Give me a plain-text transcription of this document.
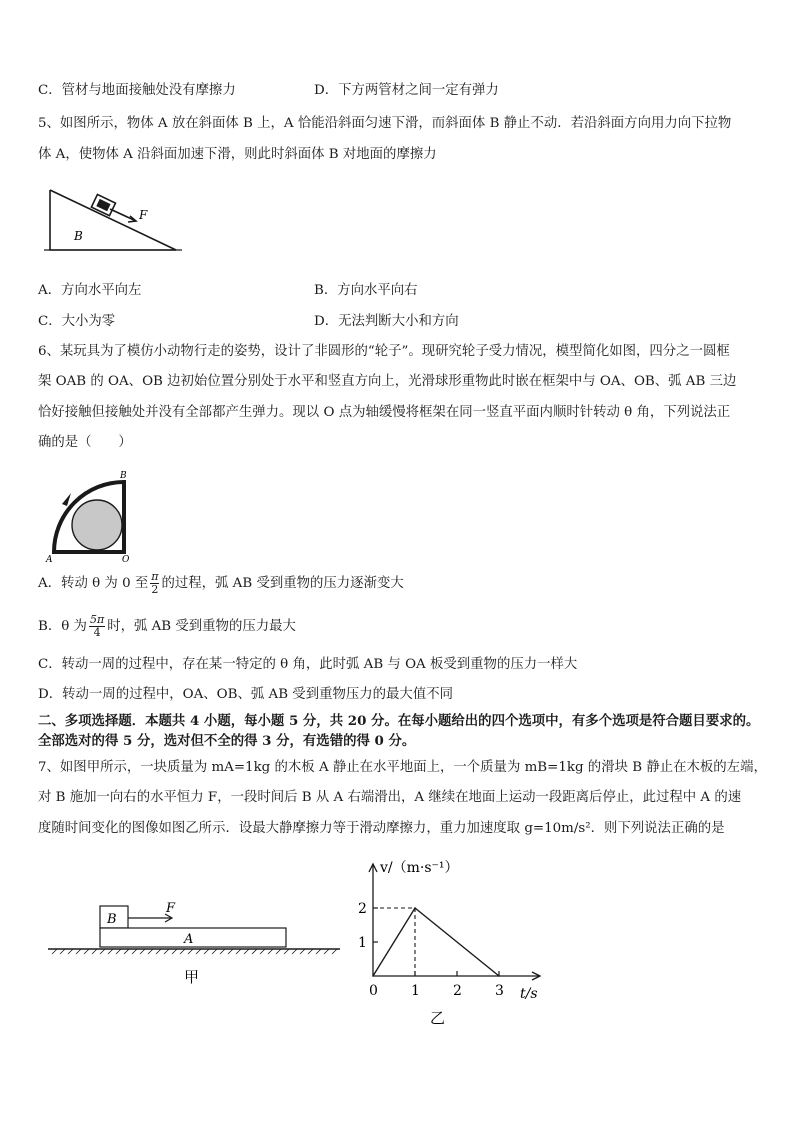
C．管材与地面接触处没有摩擦力	D．下方两管材之间一定有弹力
5、如图所示，物体 A 放在斜面体 B 上，A 恰能沿斜面匀速下滑，而斜面体 B 静止不动．若沿斜面方向用力向下拉物
体 A，使物体 A 沿斜面加速下滑，则此时斜面体 B 对地面的摩擦力
F
B
A．方向水平向左	B．方向水平向右
C．大小为零	D．无法判断大小和方向
6、某玩具为了模仿小动物行走的姿势，设计了非圆形的“轮子”。现研究轮子受力情况，模型简化如图，四分之一圆框
架 OAB 的 OA、OB 边初始位置分别处于水平和竖直方向上，光滑球形重物此时嵌在框架中与 OA、OB、弧 AB 三边
恰好接触但接触处并没有全部都产生弹力。现以 O 点为轴缓慢将框架在同一竖直平面内顺时针转动 θ 角，下列说法正
确的是（　　）
B
A	O
A．转动 θ 为 0 至 $\frac{\pi}{2}$ 的过程，弧 AB 受到重物的压力逐渐变大
B．θ 为 $\frac{5\pi}{4}$ 时，弧 AB 受到重物的压力最大
C．转动一周的过程中，存在某一特定的 θ 角，此时弧 AB 与 OA 板受到重物的压力一样大
D．转动一周的过程中，OA、OB、弧 AB 受到重物压力的最大值不同
二、多项选择题．本题共 4 小题，每小题 5 分，共 20 分。在每小题给出的四个选项中，有多个选项是符合题目要求的。
全部选对的得 5 分，选对但不全的得 3 分，有选错的得 0 分。
7、如图甲所示，一块质量为 mA=1kg 的木板 A 静止在水平地面上，一个质量为 mB=1kg 的滑块 B 静止在木板的左端，
对 B 施加一向右的水平恒力 F，一段时间后 B 从 A 右端滑出，A 继续在地面上运动一段距离后停止，此过程中 A 的速
度随时间变化的图像如图乙所示．设最大静摩擦力等于滑动摩擦力，重力加速度取 g=10m/s²．则下列说法正确的是
B
F
A
甲
v/（m·s⁻¹）
t/s
0 1 2 3
1
2
乙
